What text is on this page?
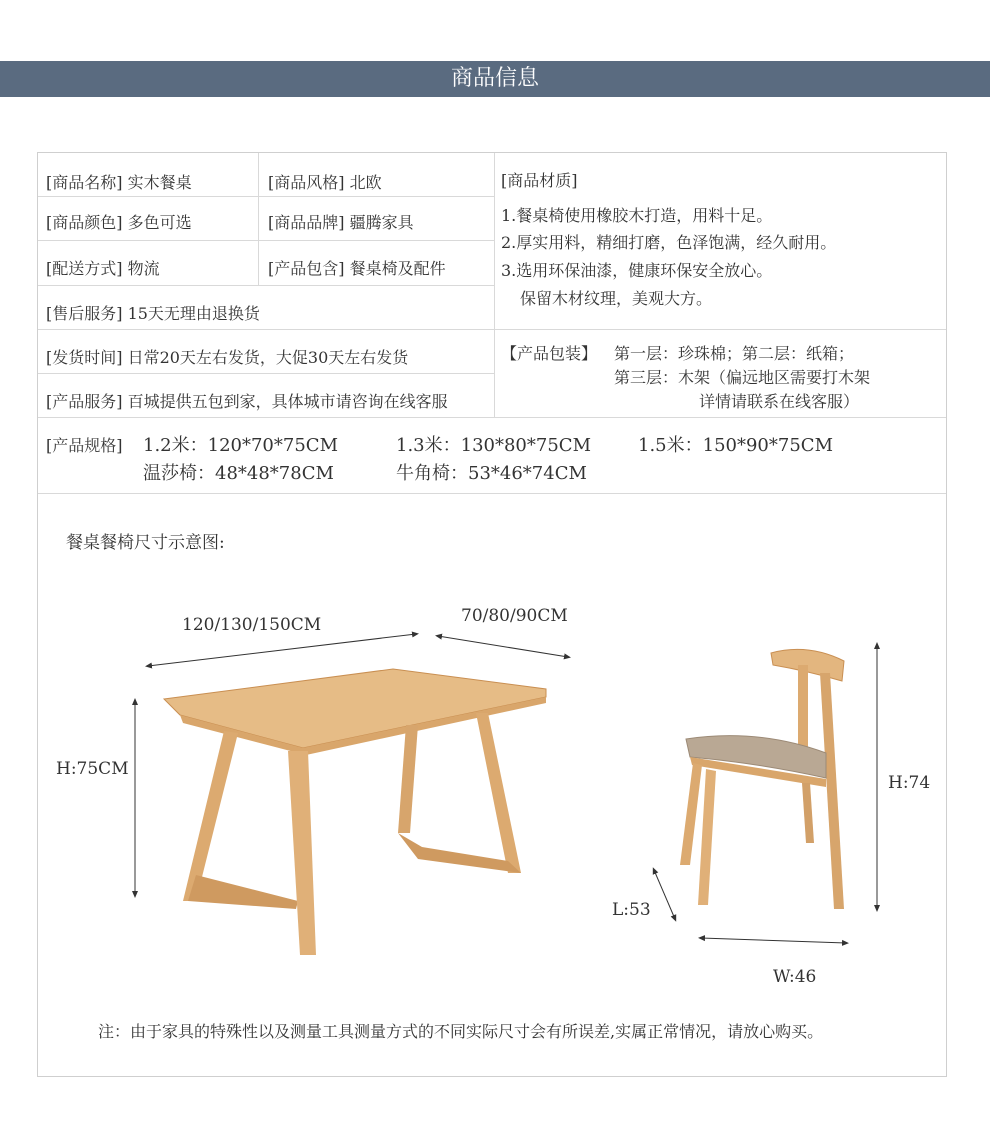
商品信息
[商品名称] 实木餐桌	[商品风格] 北欧
[商品颜色] 多色可选	[商品品牌] 疆腾家具
[配送方式] 物流	[产品包含] 餐桌椅及配件
[售后服务] 15天无理由退换货
[发货时间] 日常20天左右发货，大促30天左右发货
[产品服务] 百城提供五包到家，具体城市请咨询在线客服
[商品材质]
1.餐桌椅使用橡胶木打造，用料十足。
2.厚实用料，精细打磨，色泽饱满，经久耐用。
3.选用环保油漆，健康环保安全放心。
保留木材纹理，美观大方。
【产品包装】 第一层：珍珠棉；第二层：纸箱；
第三层：木架（偏远地区需要打木架
详情请联系在线客服）
[产品规格] 1.2米：120*70*75CM	1.3米：130*80*75CM	1.5米：150*90*75CM
温莎椅：48*48*78CM	牛角椅：53*46*74CM
餐桌餐椅尺寸示意图:
120/130/150CM	70/80/90CM
H:75CM
H:74
L:53
W:46
注：由于家具的特殊性以及测量工具测量方式的不同实际尺寸会有所误差,实属正常情况，请放心购买。
